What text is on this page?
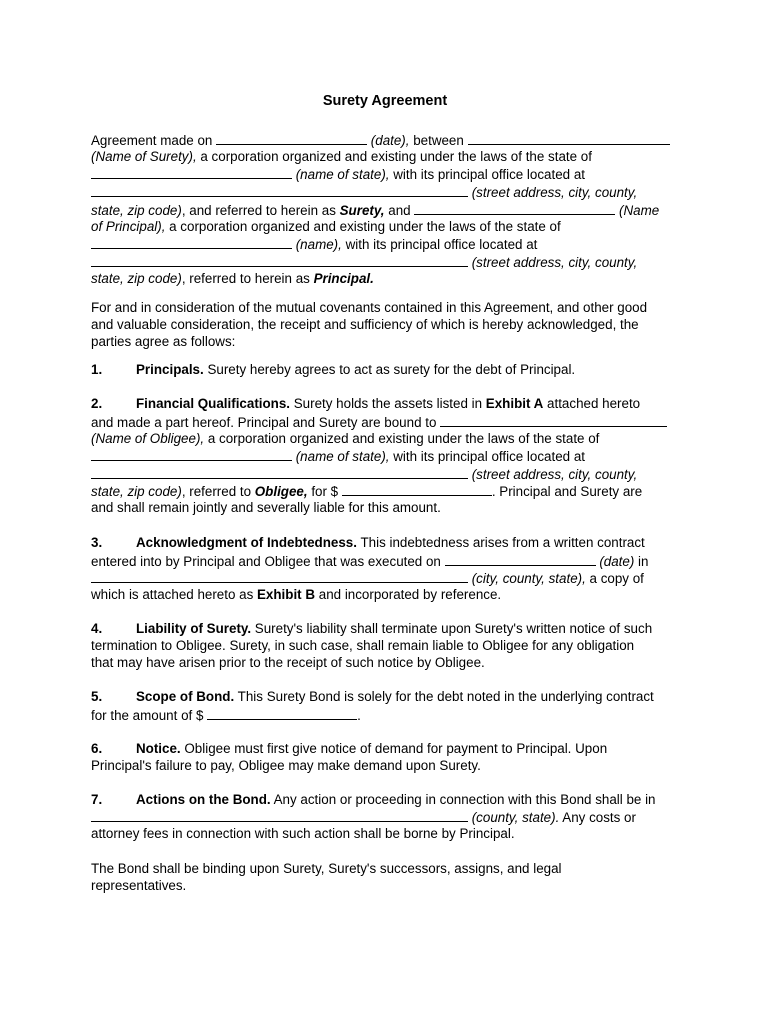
Surety Agreement
Agreement made on	(date), between
(Name of Surety), a corporation organized and existing under the laws of the state of
(name of state), with its principal office located at
(street address, city, county,
state, zip code), and referred to herein as Surety, and	(Name
of Principal), a corporation organized and existing under the laws of the state of
(name), with its principal office located at
(street address, city, county,
state, zip code), referred to herein as Principal.
For and in consideration of the mutual covenants contained in this Agreement, and other good
and valuable consideration, the receipt and sufficiency of which is hereby acknowledged, the
parties agree as follows:
1.	Principals. Surety hereby agrees to act as surety for the debt of Principal.
2.	Financial Qualifications. Surety holds the assets listed in Exhibit A attached hereto
and made a part hereof. Principal and Surety are bound to
(Name of Obligee), a corporation organized and existing under the laws of the state of
(name of state), with its principal office located at
(street address, city, county,
state, zip code), referred to Obligee, for $	. Principal and Surety are
and shall remain jointly and severally liable for this amount.
3.	Acknowledgment of Indebtedness. This indebtedness arises from a written contract
entered into by Principal and Obligee that was executed on	(date) in
(city, county, state), a copy of
which is attached hereto as Exhibit B and incorporated by reference.
4.	Liability of Surety. Surety's liability shall terminate upon Surety's written notice of such
termination to Obligee. Surety, in such case, shall remain liable to Obligee for any obligation
that may have arisen prior to the receipt of such notice by Obligee.
5.	Scope of Bond. This Surety Bond is solely for the debt noted in the underlying contract
for the amount of $	.
6.	Notice. Obligee must first give notice of demand for payment to Principal. Upon
Principal's failure to pay, Obligee may make demand upon Surety.
7.	Actions on the Bond. Any action or proceeding in connection with this Bond shall be in
(county, state). Any costs or
attorney fees in connection with such action shall be borne by Principal.
The Bond shall be binding upon Surety, Surety's successors, assigns, and legal
representatives.
